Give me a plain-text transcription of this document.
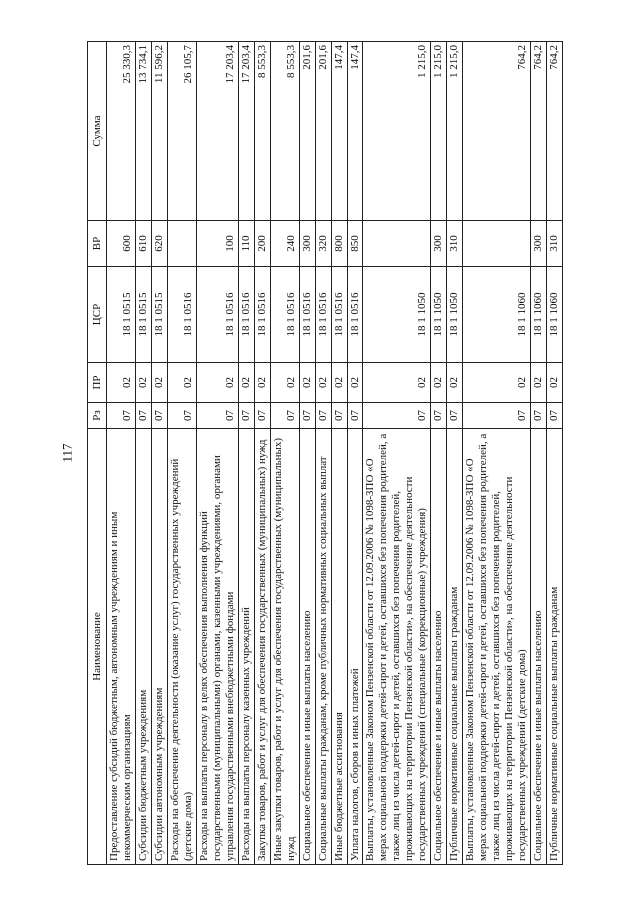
117
Наименование	Рз	ПР	ЦСР	ВР	Сумма
Предоставление субсидий бюджетным, автономным учреждениям и иным некоммерческим организациям	07	02	18 1 0515	600	25 330,3
Субсидии бюджетным учреждениям	07	02	18 1 0515	610	13 734,1
Субсидии автономным учреждениям	07	02	18 1 0515	620	11 596,2
Расходы на обеспечение деятельности (оказание услуг) государственных учреждений (детские дома)	07	02	18 1 0516		26 105,7
Расходы на выплаты персоналу в целях обеспечения выполнения функций государственными (муниципальными) органами, казенными учреждениями, органами управления государственными внебюджетными фондами	07	02	18 1 0516	100	17 203,4
Расходы на выплаты персоналу казенных учреждений	07	02	18 1 0516	110	17 203,4
Закупка товаров, работ и услуг для обеспечения государственных (муниципальных) нужд	07	02	18 1 0516	200	8 553,3
Иные закупки товаров, работ и услуг для обеспечения государственных (муниципальных) нужд	07	02	18 1 0516	240	8 553,3
Социальное обеспечение и иные выплаты населению	07	02	18 1 0516	300	201,6
Социальные выплаты гражданам, кроме публичных нормативных социальных выплат	07	02	18 1 0516	320	201,6
Иные бюджетные ассигнования	07	02	18 1 0516	800	147,4
Уплата налогов, сборов и иных платежей	07	02	18 1 0516	850	147,4
Выплаты, установленные Законом Пензенской области от 12.09.2006 № 1098-ЗПО «О мерах социальной поддержки детей-сирот и детей, оставшихся без попечения родителей, а также лиц из числа детей-сирот и детей, оставшихся без попечения родителей, проживающих на территории Пензенской области», на обеспечение деятельности государственных учреждений (специальные (коррекционные) учреждения)	07	02	18 1 1050		1 215,0
Социальное обеспечение и иные выплаты населению	07	02	18 1 1050	300	1 215,0
Публичные нормативные социальные выплаты гражданам	07	02	18 1 1050	310	1 215,0
Выплаты, установленные Законом Пензенской области от 12.09.2006 № 1098-ЗПО «О мерах социальной поддержки детей-сирот и детей, оставшихся без попечения родителей, а также лиц из числа детей-сирот и детей, оставшихся без попечения родителей, проживающих на территории Пензенской области», на обеспечение деятельности государственных учреждений (детские дома)	07	02	18 1 1060		764,2
Социальное обеспечение и иные выплаты населению	07	02	18 1 1060	300	764,2
Публичные нормативные социальные выплаты гражданам	07	02	18 1 1060	310	764,2
